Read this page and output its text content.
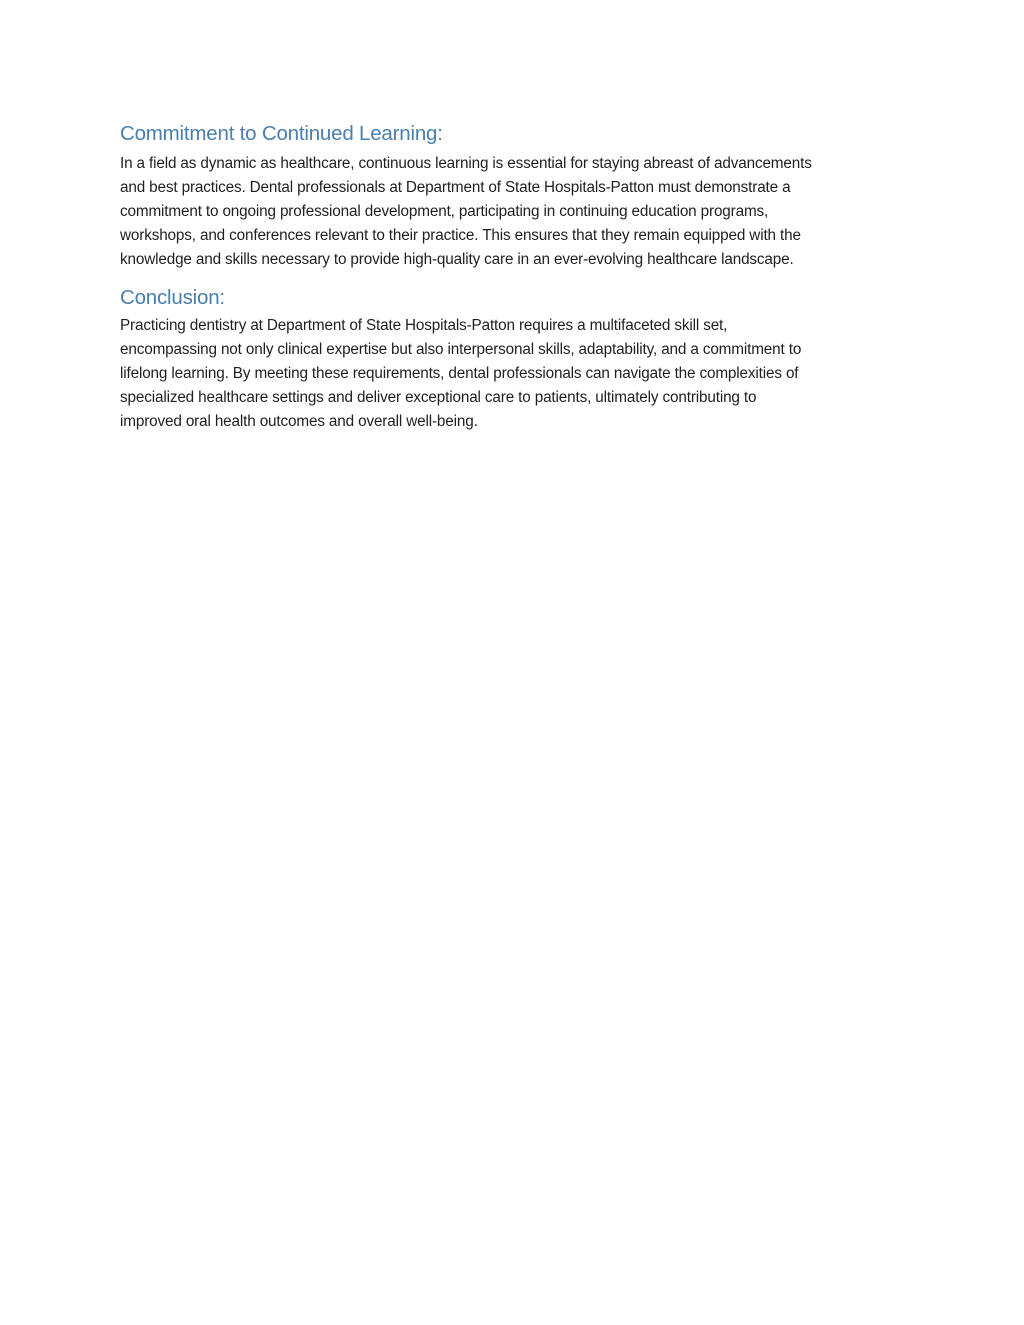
Commitment to Continued Learning:
In a field as dynamic as healthcare, continuous learning is essential for staying abreast of advancements
and best practices. Dental professionals at Department of State Hospitals-Patton must demonstrate a
commitment to ongoing professional development, participating in continuing education programs,
workshops, and conferences relevant to their practice. This ensures that they remain equipped with the
knowledge and skills necessary to provide high-quality care in an ever-evolving healthcare landscape.
Conclusion:
Practicing dentistry at Department of State Hospitals-Patton requires a multifaceted skill set,
encompassing not only clinical expertise but also interpersonal skills, adaptability, and a commitment to
lifelong learning. By meeting these requirements, dental professionals can navigate the complexities of
specialized healthcare settings and deliver exceptional care to patients, ultimately contributing to
improved oral health outcomes and overall well-being.
